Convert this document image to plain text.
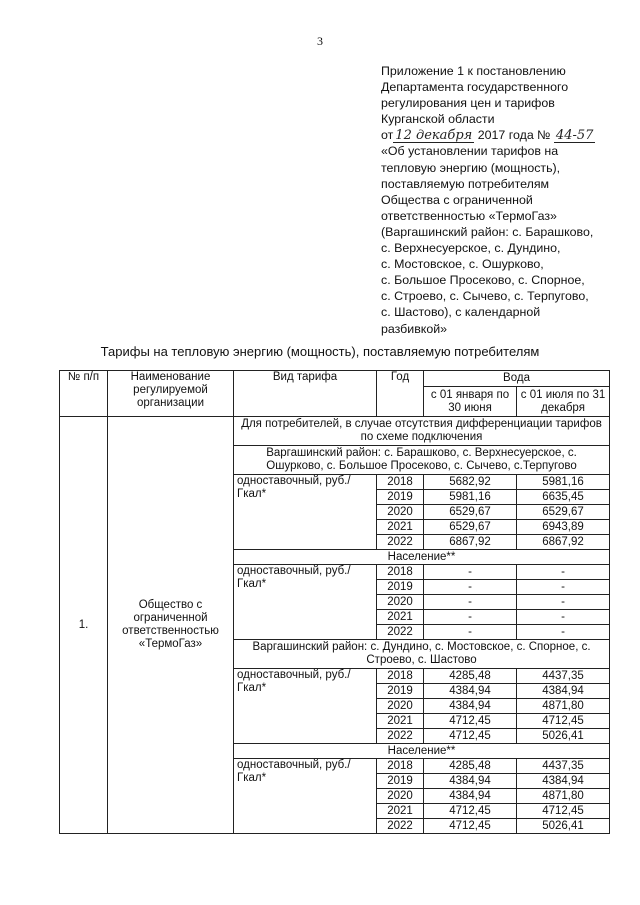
3
Приложение 1 к постановлению
Департамента государственного
регулирования цен и тарифов
Курганской области
от 12 декабря 2017 года № 44-57
«Об установлении тарифов на
тепловую энергию (мощность),
поставляемую потребителям
Общества с ограниченной
ответственностью «ТермоГаз»
(Варгашинский район: с. Барашково,
с. Верхнесуерское, с. Дундино,
с. Мостовское, с. Ошурково,
с. Большое Просеково, с. Спорное,
с. Строево, с. Сычево, с. Терпугово,
с. Шастово), с календарной
разбивкой»
Тарифы на тепловую энергию (мощность), поставляемую потребителям
№ п/п	Наименование регулируемой организации	Вид тарифа	Год	Вода	
				с 01 января по 30 июня	с 01 июля по 31 декабря
1.	Общество с ограниченной ответственностью «ТермоГаз»	Для потребителей, в случае отсутствия дифференциации тарифов по схеме подключения			
		Варгашинский район: с. Барашково, с. Верхнесуерское, с. Ошурково, с. Большое Просеково, с. Сычево, с.Терпугово			
		одноставочный, руб./Гкал*	2018	5682,92	5981,16
			2019	5981,16	6635,45
			2020	6529,67	6529,67
			2021	6529,67	6943,89
			2022	6867,92	6867,92
		Население**			
		одноставочный, руб./Гкал*	2018	-	-
			2019	-	-
			2020	-	-
			2021	-	-
			2022	-	-
		Варгашинский район: с. Дундино, с. Мостовское, с. Спорное, с. Строево, с. Шастово			
		одноставочный, руб./Гкал*	2018	4285,48	4437,35
			2019	4384,94	4384,94
			2020	4384,94	4871,80
			2021	4712,45	4712,45
			2022	4712,45	5026,41
		Население**			
		одноставочный, руб./Гкал*	2018	4285,48	4437,35
			2019	4384,94	4384,94
			2020	4384,94	4871,80
			2021	4712,45	4712,45
			2022	4712,45	5026,41
